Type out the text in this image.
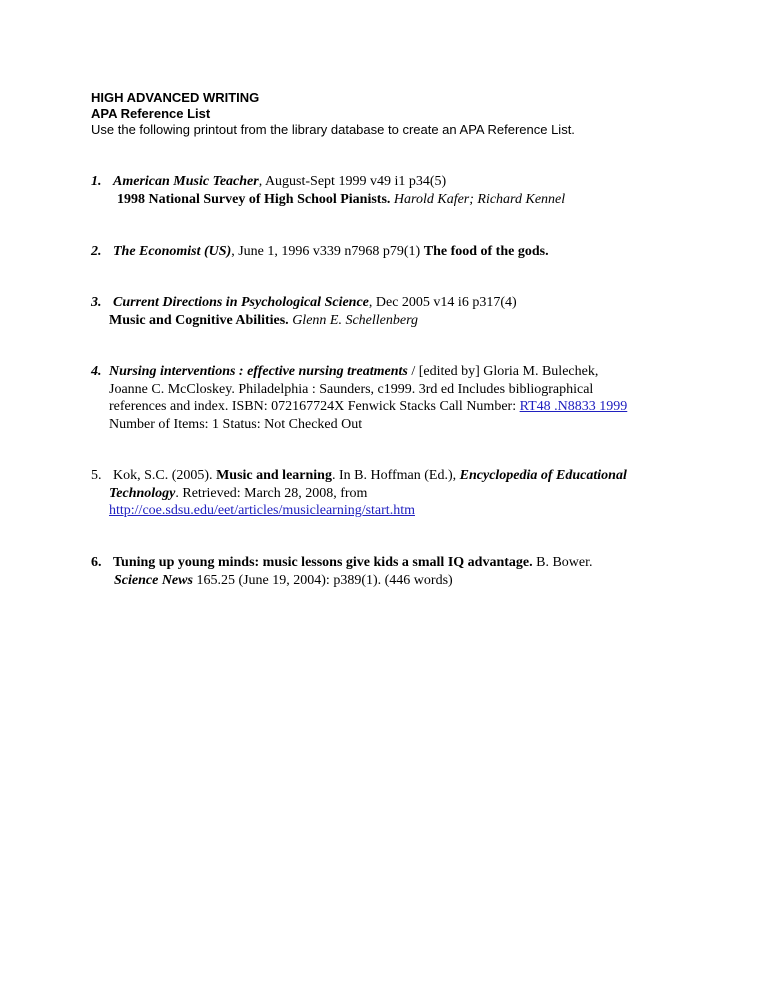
HIGH ADVANCED WRITING
APA Reference List
Use the following printout from the library database to create an APA Reference List.
1. American Music Teacher, August-Sept 1999 v49 i1 p34(5)
1998 National Survey of High School Pianists. Harold Kafer; Richard Kennel
2. The Economist (US), June 1, 1996 v339 n7968 p79(1) The food of the gods.
3. Current Directions in Psychological Science, Dec 2005 v14 i6 p317(4)
Music and Cognitive Abilities. Glenn E. Schellenberg
4. Nursing interventions : effective nursing treatments / [edited by] Gloria M. Bulechek,
Joanne C. McCloskey. Philadelphia : Saunders, c1999. 3rd ed Includes bibliographical
references and index. ISBN: 072167724X Fenwick Stacks Call Number: RT48 .N8833 1999
Number of Items: 1 Status: Not Checked Out
5. Kok, S.C. (2005). Music and learning. In B. Hoffman (Ed.), Encyclopedia of Educational
Technology. Retrieved: March 28, 2008, from
http://coe.sdsu.edu/eet/articles/musiclearning/start.htm
6. Tuning up young minds: music lessons give kids a small IQ advantage. B. Bower.
Science News 165.25 (June 19, 2004): p389(1). (446 words)
